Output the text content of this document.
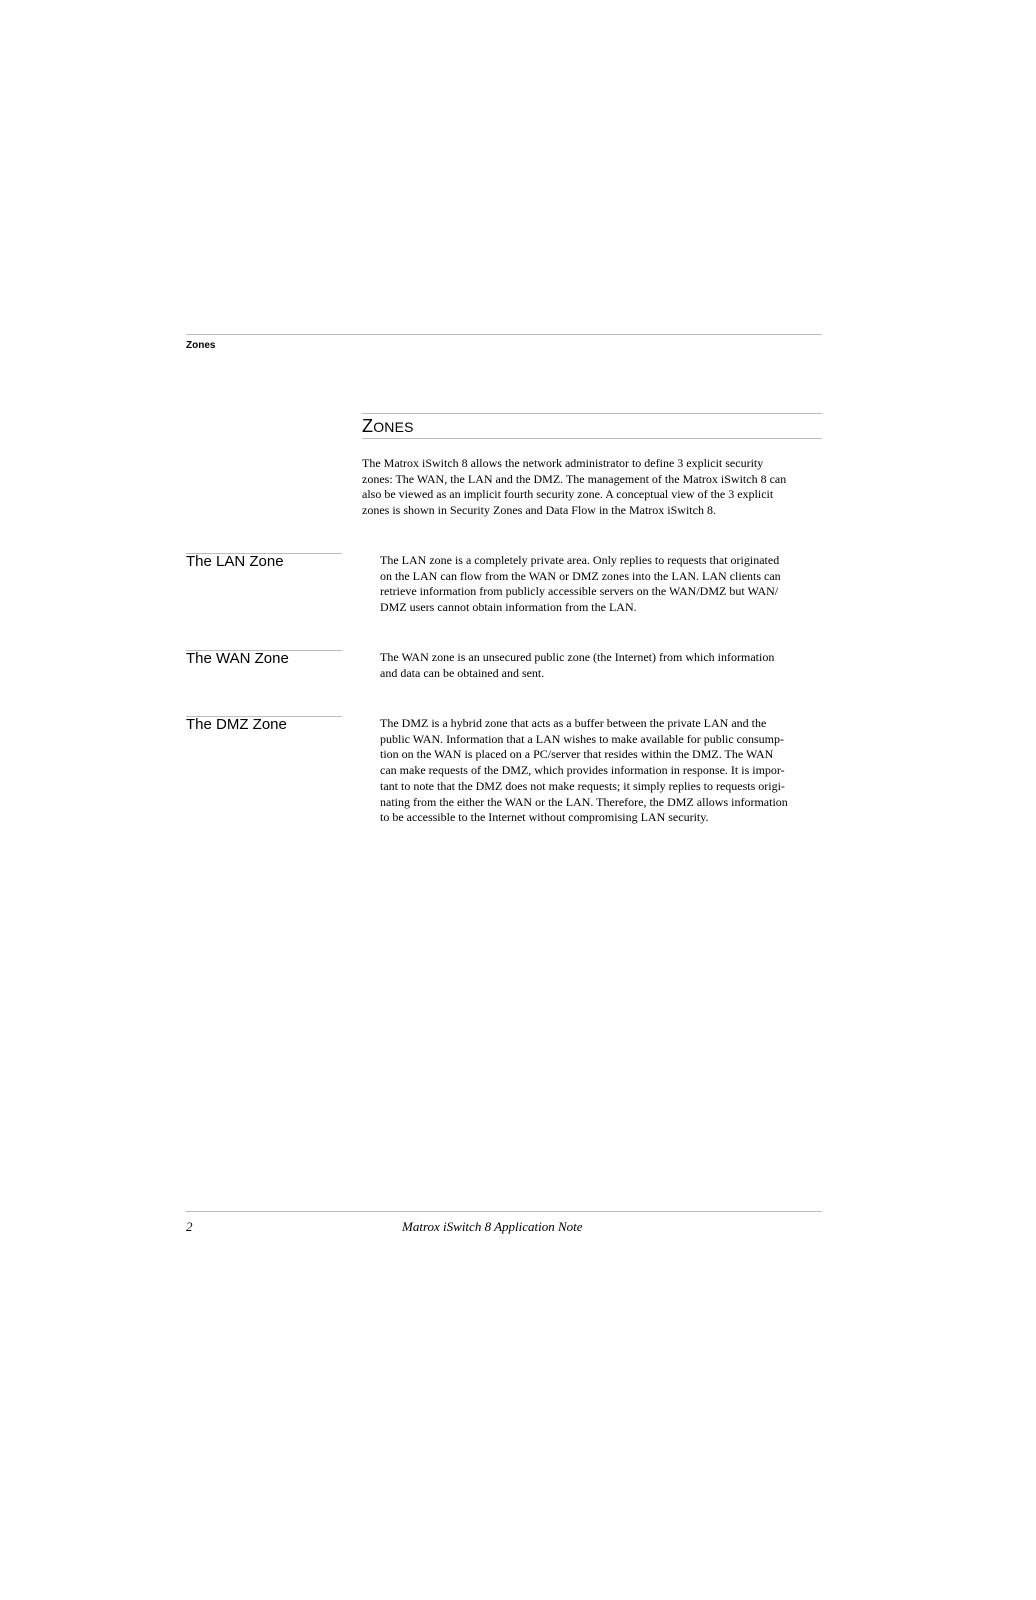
Zones
ZONES

The Matrox iSwitch 8 allows the network administrator to define 3 explicit security
zones: The WAN, the LAN and the DMZ. The management of the Matrox iSwitch 8 can
also be viewed as an implicit fourth security zone. A conceptual view of the 3 explicit
zones is shown in Security Zones and Data Flow in the Matrox iSwitch 8.

The LAN Zone	The LAN zone is a completely private area. Only replies to requests that originated
on the LAN can flow from the WAN or DMZ zones into the LAN. LAN clients can
retrieve information from publicly accessible servers on the WAN/DMZ but WAN/
DMZ users cannot obtain information from the LAN.

The WAN Zone	The WAN zone is an unsecured public zone (the Internet) from which information
and data can be obtained and sent.

The DMZ Zone	The DMZ is a hybrid zone that acts as a buffer between the private LAN and the
public WAN. Information that a LAN wishes to make available for public consump-
tion on the WAN is placed on a PC/server that resides within the DMZ. The WAN
can make requests of the DMZ, which provides information in response. It is impor-
tant to note that the DMZ does not make requests; it simply replies to requests origi-
nating from the either the WAN or the LAN. Therefore, the DMZ allows information
to be accessible to the Internet without compromising LAN security.

2	Matrox iSwitch 8 Application Note
